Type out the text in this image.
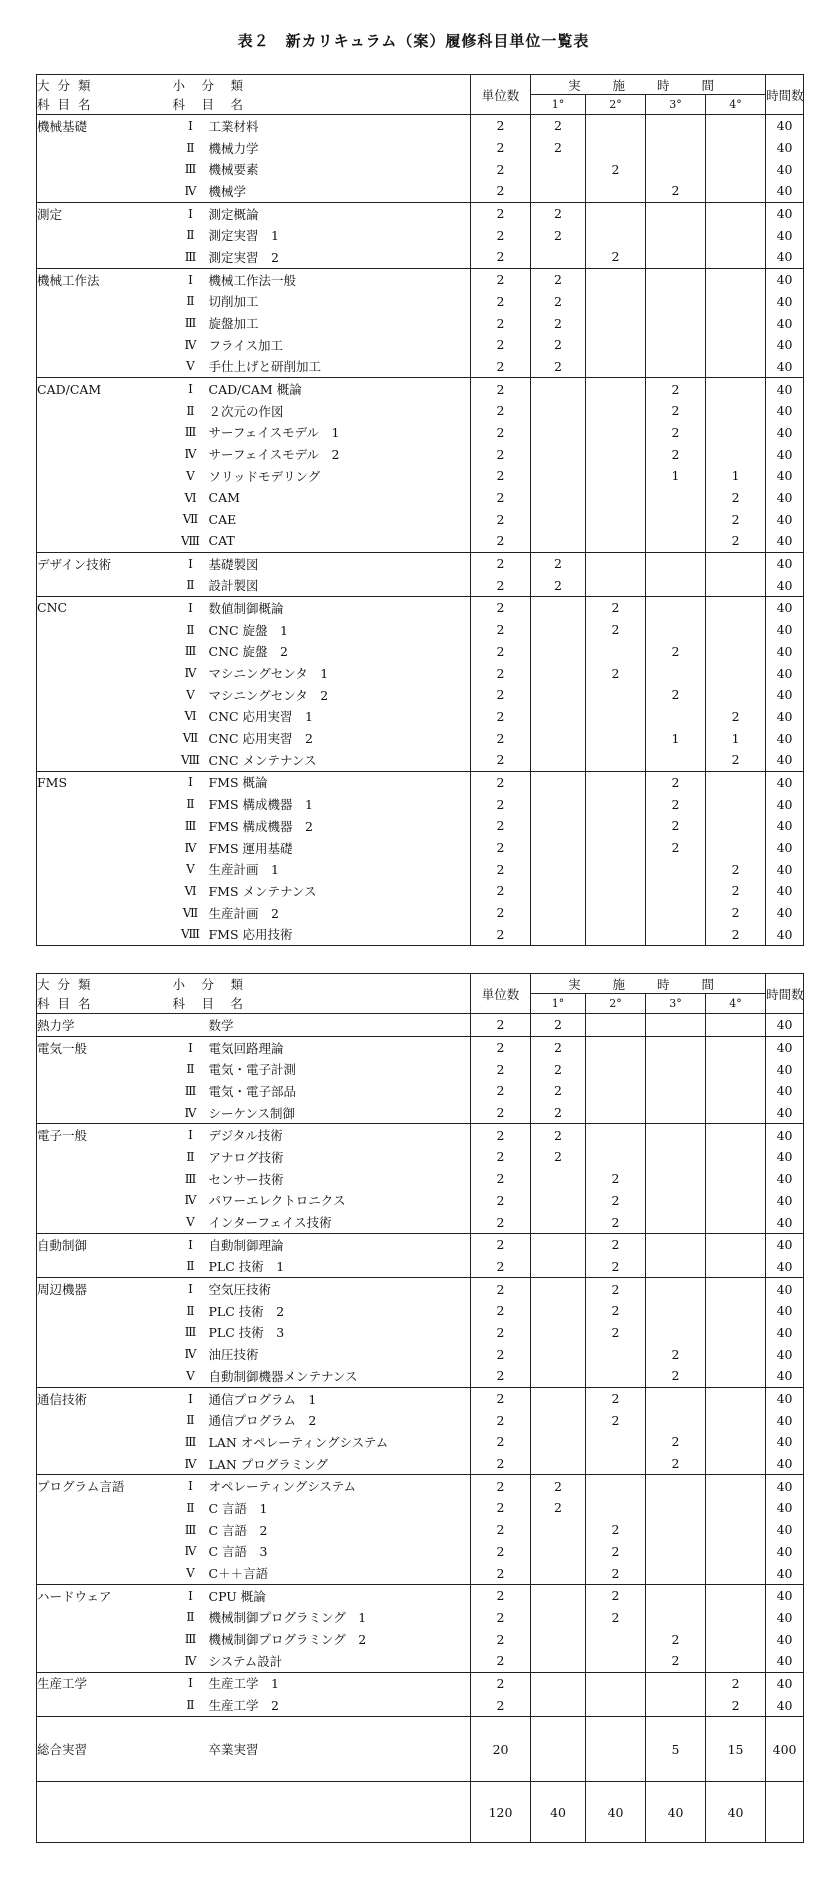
表２　新カリキュラム（案）履修科目単位一覧表
大 分 類	小　分　類		単位数	実 施 時 間				時間数
科 目 名	科　目　名			1°	2°	3°	4°	
機械基礎	Ⅰ	工業材料	2	2				40
	Ⅱ	機械力学	2	2				40
	Ⅲ	機械要素	2		2			40
	Ⅳ	機械学	2			2		40
測定	Ⅰ	測定概論	2	2				40
	Ⅱ	測定実習　1	2	2				40
	Ⅲ	測定実習　2	2		2			40
機械工作法	Ⅰ	機械工作法一般	2	2				40
	Ⅱ	切削加工	2	2				40
	Ⅲ	旋盤加工	2	2				40
	Ⅳ	フライス加工	2	2				40
	Ⅴ	手仕上げと研削加工	2	2				40
CAD/CAM	Ⅰ	CAD/CAM 概論	2			2		40
	Ⅱ	２次元の作図	2			2		40
	Ⅲ	サーフェイスモデル　1	2			2		40
	Ⅳ	サーフェイスモデル　2	2			2		40
	Ⅴ	ソリッドモデリング	2			1	1	40
	Ⅵ	CAM	2				2	40
	Ⅶ	CAE	2				2	40
	Ⅷ	CAT	2				2	40
デザイン技術	Ⅰ	基礎製図	2	2				40
	Ⅱ	設計製図	2	2				40
CNC	Ⅰ	数値制御概論	2		2			40
	Ⅱ	CNC 旋盤　1	2		2			40
	Ⅲ	CNC 旋盤　2	2			2		40
	Ⅳ	マシニングセンタ　1	2		2			40
	Ⅴ	マシニングセンタ　2	2			2		40
	Ⅵ	CNC 応用実習　1	2				2	40
	Ⅶ	CNC 応用実習　2	2			1	1	40
	Ⅷ	CNC メンテナンス	2				2	40
FMS	Ⅰ	FMS 概論	2			2		40
	Ⅱ	FMS 構成機器　1	2			2		40
	Ⅲ	FMS 構成機器　2	2			2		40
	Ⅳ	FMS 運用基礎	2			2		40
	Ⅴ	生産計画　1	2				2	40
	Ⅵ	FMS メンテナンス	2				2	40
	Ⅶ	生産計画　2	2				2	40
	Ⅷ	FMS 応用技術	2				2	40
大 分 類	小　分　類		単位数	実 施 時 間				時間数
科 目 名	科　目　名			1°	2°	3°	4°	
熱力学		数学	2	2				40
電気一般	Ⅰ	電気回路理論	2	2				40
	Ⅱ	電気・電子計測	2	2				40
	Ⅲ	電気・電子部品	2	2				40
	Ⅳ	シーケンス制御	2	2				40
電子一般	Ⅰ	デジタル技術	2	2				40
	Ⅱ	アナログ技術	2	2				40
	Ⅲ	センサー技術	2		2			40
	Ⅳ	パワーエレクトロニクス	2		2			40
	Ⅴ	インターフェイス技術	2		2			40
自動制御	Ⅰ	自動制御理論	2		2			40
	Ⅱ	PLC 技術　1	2		2			40
周辺機器	Ⅰ	空気圧技術	2		2			40
	Ⅱ	PLC 技術　2	2		2			40
	Ⅲ	PLC 技術　3	2		2			40
	Ⅳ	油圧技術	2			2		40
	Ⅴ	自動制御機器メンテナンス	2			2		40
通信技術	Ⅰ	通信プログラム　1	2		2			40
	Ⅱ	通信プログラム　2	2		2			40
	Ⅲ	LAN オペレーティングシステム	2			2		40
	Ⅳ	LAN プログラミング	2			2		40
プログラム言語	Ⅰ	オペレーティングシステム	2	2				40
	Ⅱ	C 言語　1	2	2				40
	Ⅲ	C 言語　2	2		2			40
	Ⅳ	C 言語　3	2		2			40
	Ⅴ	C＋＋言語	2		2			40
ハードウェア	Ⅰ	CPU 概論	2		2			40
	Ⅱ	機械制御プログラミング　1	2		2			40
	Ⅲ	機械制御プログラミング　2	2			2		40
	Ⅳ	システム設計	2			2		40
生産工学	Ⅰ	生産工学　1	2				2	40
	Ⅱ	生産工学　2	2				2	40
総合実習		卒業実習	20			5	15	400
			120	40	40	40	40	
